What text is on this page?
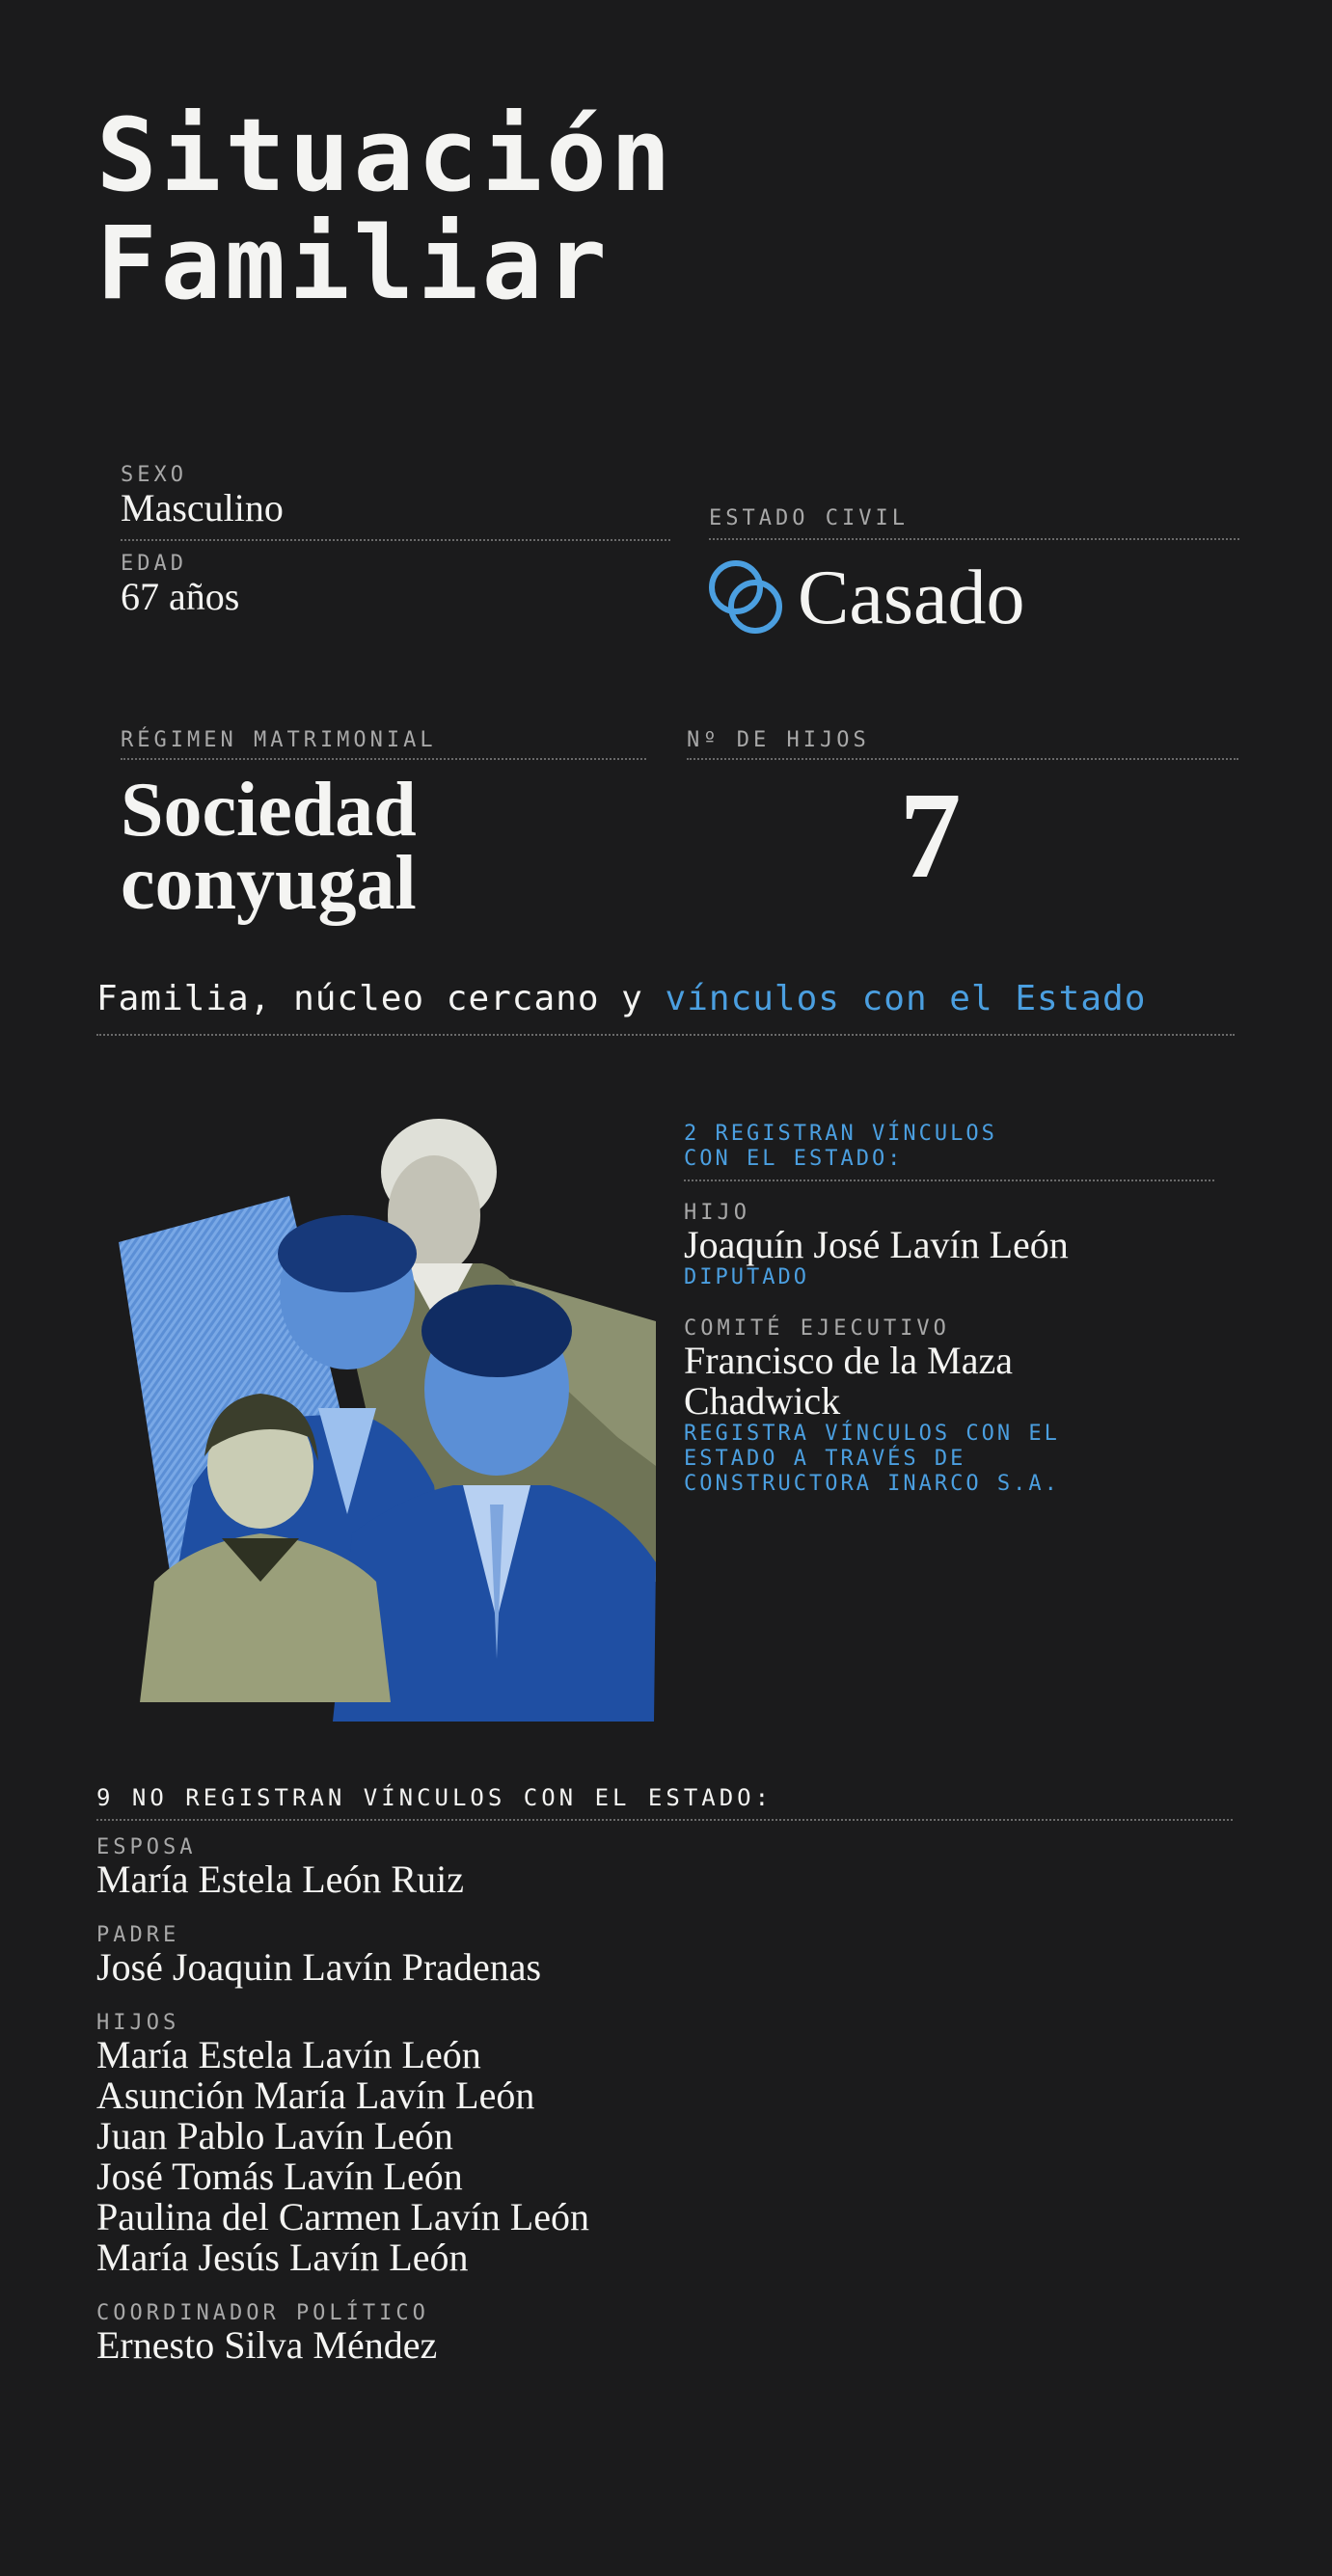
Situación
Familiar
SEXO
Masculino
EDAD
67 años
ESTADO CIVIL
Casado
RÉGIMEN MATRIMONIAL
Sociedad
conyugal
Nº DE HIJOS
7
Familia, núcleo cercano y vínculos con el Estado
2 REGISTRAN VÍNCULOS
CON EL ESTADO:
HIJO
Joaquín José Lavín León
DIPUTADO
COMITÉ EJECUTIVO
Francisco de la Maza
Chadwick
REGISTRA VÍNCULOS CON EL
ESTADO A TRAVÉS DE
CONSTRUCTORA INARCO S.A.
9 NO REGISTRAN VÍNCULOS CON EL ESTADO:
ESPOSA
María Estela León Ruiz
PADRE
José Joaquin Lavín Pradenas
HIJOS
María Estela Lavín León
Asunción María Lavín León
Juan Pablo Lavín León
José Tomás Lavín León
Paulina del Carmen Lavín León
María Jesús Lavín León
COORDINADOR POLÍTICO
Ernesto Silva Méndez
